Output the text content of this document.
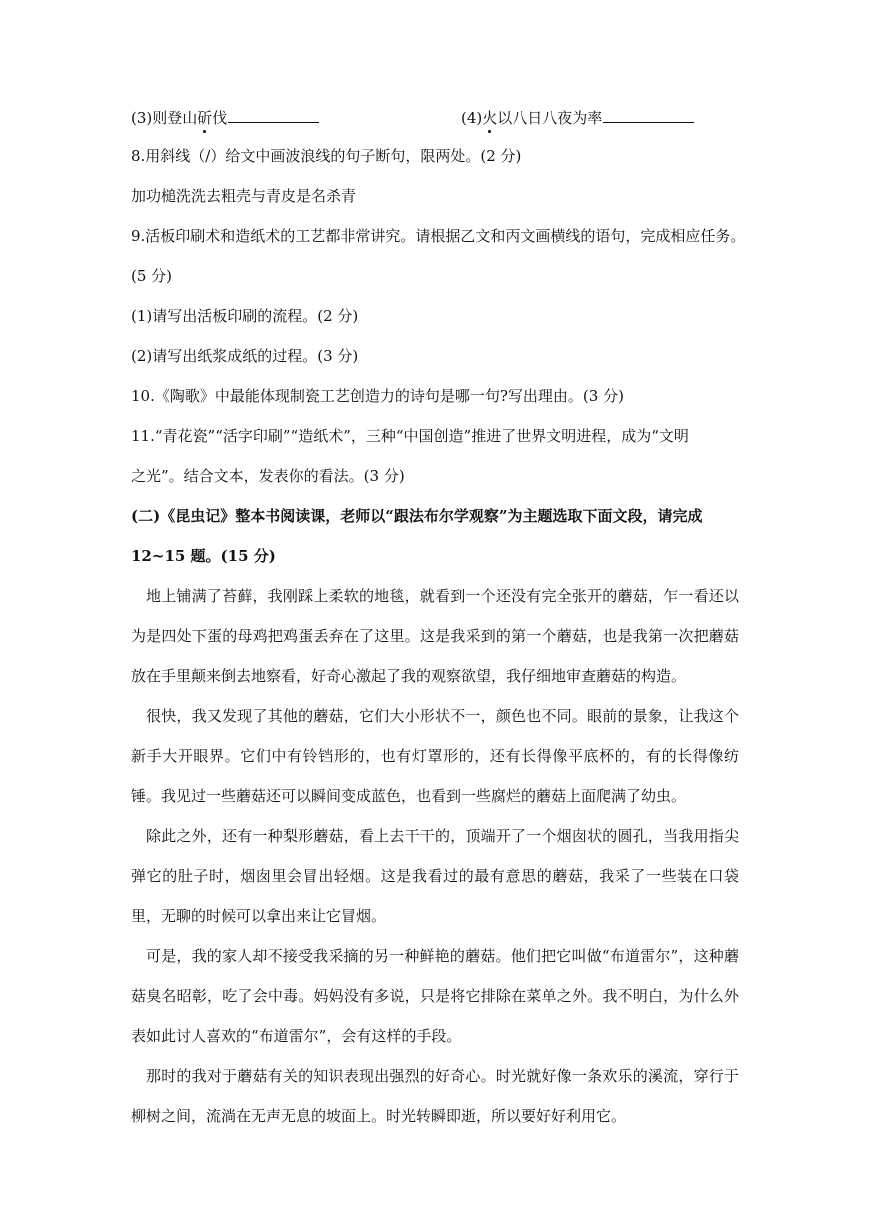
(3)则登山斫伐	(4)火以八日八夜为率
8.用斜线（/）给文中画波浪线的句子断句，限两处。(2 分)
加功槌洗洗去粗壳与青皮是名杀青
9.活板印刷术和造纸术的工艺都非常讲究。请根据乙文和丙文画横线的语句，完成相应任务。
(5 分)
(1)请写出活板印刷的流程。(2 分)
(2)请写出纸浆成纸的过程。(3 分)
10.《陶歌》中最能体现制瓷工艺创造力的诗句是哪一句?写出理由。(3 分)
11.“青花瓷”“活字印刷”“造纸术”，三种“中国创造”推进了世界文明进程，成为“文明
之光”。结合文本，发表你的看法。(3 分)
(二)《昆虫记》整本书阅读课，老师以“跟法布尔学观察”为主题选取下面文段，请完成
12~15 题。(15 分)
地上铺满了苔藓，我刚踩上柔软的地毯，就看到一个还没有完全张开的蘑菇，乍一看还以为是四处下蛋的母鸡把鸡蛋丢弃在了这里。这是我采到的第一个蘑菇，也是我第一次把蘑菇放在手里颠来倒去地察看，好奇心激起了我的观察欲望，我仔细地审查蘑菇的构造。
很快，我又发现了其他的蘑菇，它们大小形状不一，颜色也不同。眼前的景象，让我这个新手大开眼界。它们中有铃铛形的，也有灯罩形的，还有长得像平底杯的，有的长得像纺锤。我见过一些蘑菇还可以瞬间变成蓝色，也看到一些腐烂的蘑菇上面爬满了幼虫。
除此之外，还有一种梨形蘑菇，看上去干干的，顶端开了一个烟囱状的圆孔，当我用指尖弹它的肚子时，烟囱里会冒出轻烟。这是我看过的最有意思的蘑菇，我采了一些装在口袋里，无聊的时候可以拿出来让它冒烟。
可是，我的家人却不接受我采摘的另一种鲜艳的蘑菇。他们把它叫做“布道雷尔”，这种蘑菇臭名昭彰，吃了会中毒。妈妈没有多说，只是将它排除在菜单之外。我不明白，为什么外表如此讨人喜欢的“布道雷尔”，会有这样的手段。
那时的我对于蘑菇有关的知识表现出强烈的好奇心。时光就好像一条欢乐的溪流，穿行于柳树之间，流淌在无声无息的坡面上。时光转瞬即逝，所以要好好利用它。
